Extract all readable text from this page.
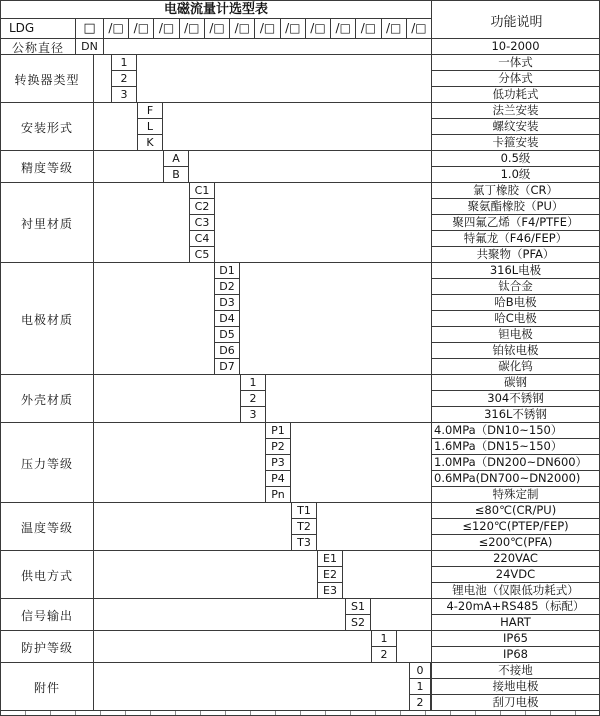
电磁流量计选型表
功能说明
LDG	□	/□ /□ /□ /□ /□ /□ /□ /□ /□ /□ /□ /□ /□
公称直径	DN	10-2000
转换器类型
1	一体式
2	分体式
3	低功耗式
安装形式
F	法兰安装
L	螺纹安装
K	卡箍安装
精度等级
A	0.5级
B	1.0级
衬里材质
C1	氯丁橡胶（CR）
C2	聚氨酯橡胶（PU）
C3	聚四氟乙烯（F4/PTFE）
C4	特氟龙（F46/FEP）
C5	共聚物（PFA）
电极材质
D1	316L电极
D2	钛合金
D3	哈B电极
D4	哈C电极
D5	钽电极
D6	铂铱电极
D7	碳化钨
外壳材质
1	碳钢
2	304不锈钢
3	316L不锈钢
压力等级
P1	4.0MPa（DN10~150）
P2	1.6MPa（DN15~150）
P3	1.0MPa（DN200~DN600）
P4	0.6MPa(DN700~DN2000)
Pn	特殊定制
温度等级
T1	≤80℃(CR/PU)
T2	≤120℃(PTEP/FEP)
T3	≤200℃(PFA)
供电方式
E1	220VAC
E2	24VDC
E3	锂电池（仅限低功耗式）
信号输出
S1	4-20mA+RS485（标配）
S2	HART
防护等级
1	IP65
2	IP68
附件
0	不接地
1	接地电极
2	刮刀电极
